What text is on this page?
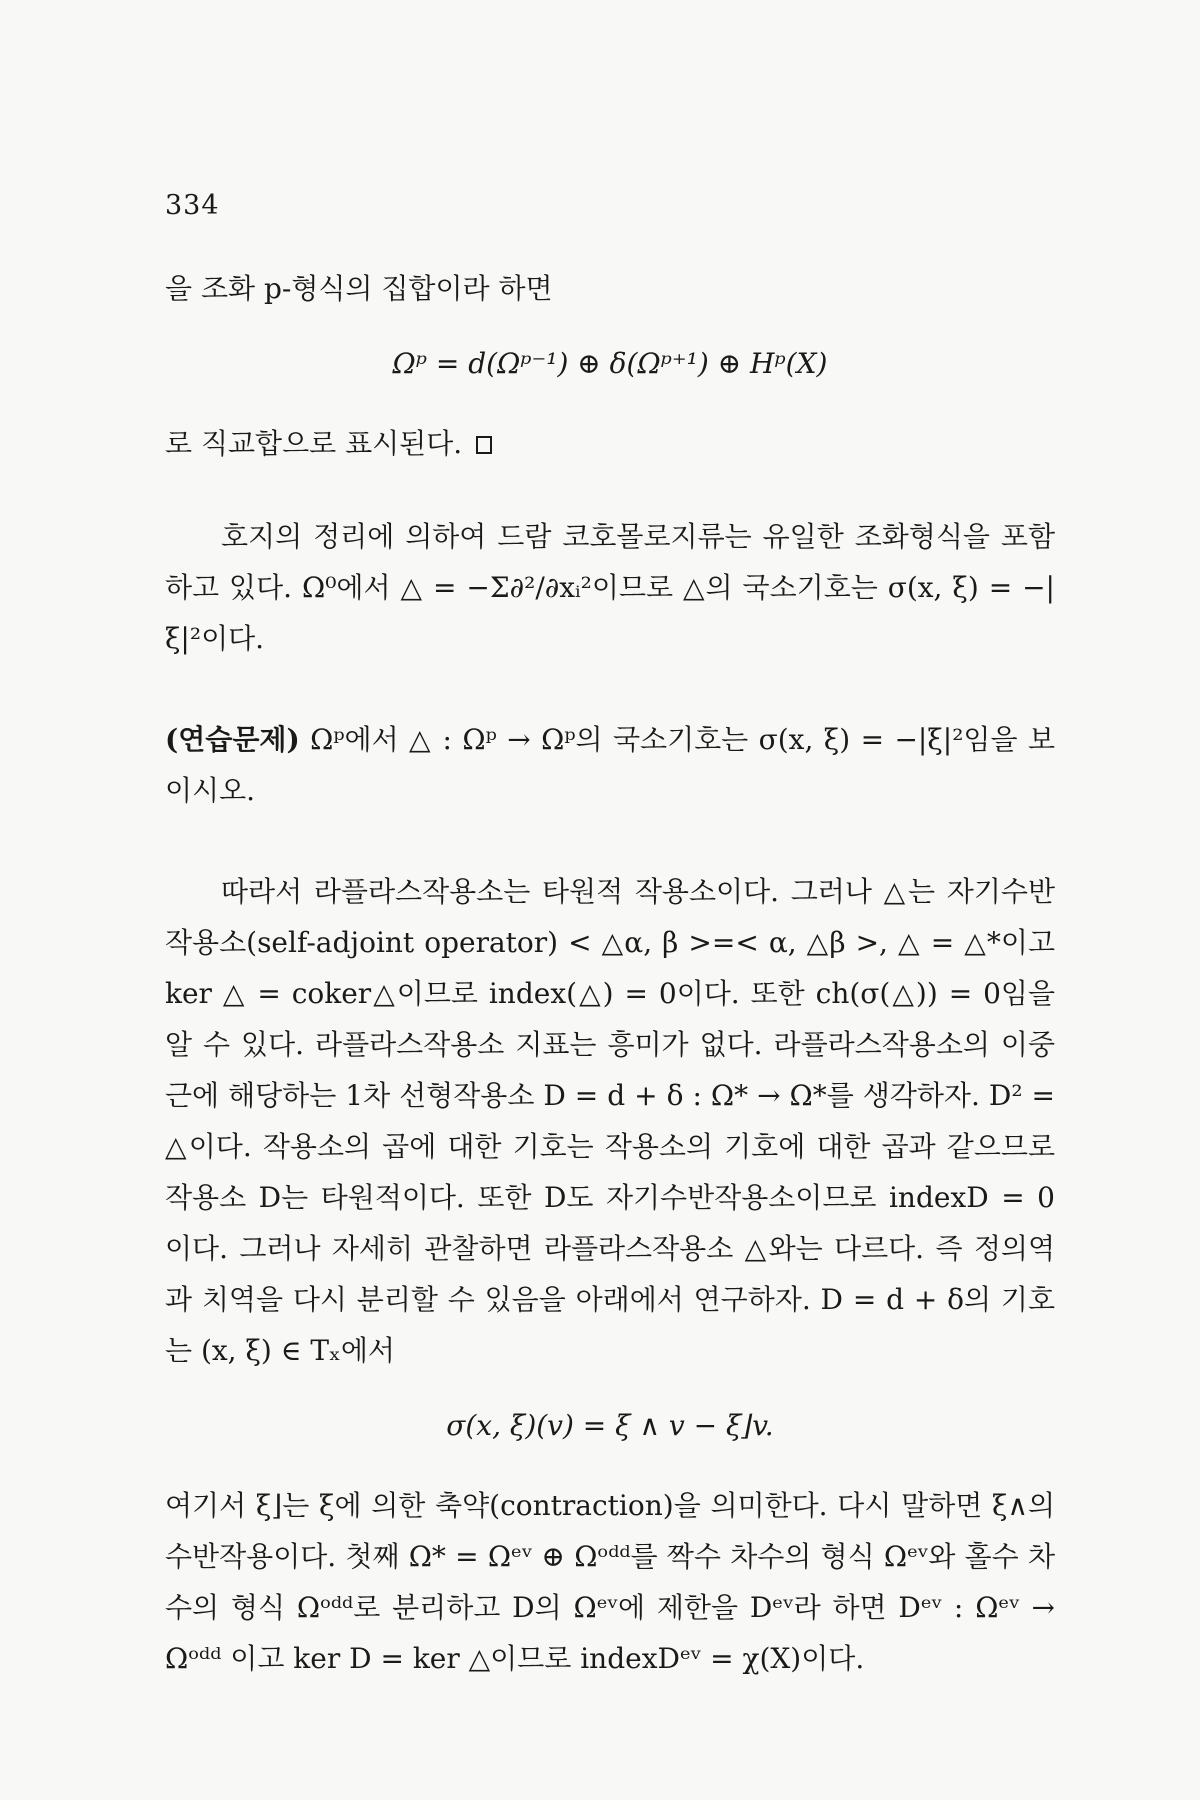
334

을 조화 p-형식의 집합이라 하면

Ωᵖ = d(Ωᵖ⁻¹) ⊕ δ(Ωᵖ⁺¹) ⊕ Hᵖ(X)

로 직교합으로 표시된다.

호지의 정리에 의하여 드람 코호몰로지류는 유일한 조화형식을 포함하고 있다. Ω⁰에서 △ = −Σ∂²/∂xᵢ²이므로 △의 국소기호는 σ(x, ξ) = −|ξ|²이다.

(연습문제) Ωᵖ에서 △ : Ωᵖ → Ωᵖ의 국소기호는 σ(x, ξ) = −|ξ|²임을 보이시오.

따라서 라플라스작용소는 타원적 작용소이다. 그러나 △는 자기수반작용소(self-adjoint operator) < △α, β >=< α, △β >, △ = △*이고 ker △ = coker△이므로 index(△) = 0이다. 또한 ch(σ(△)) = 0임을 알 수 있다. 라플라스작용소 지표는 흥미가 없다. 라플라스작용소의 이중근에 해당하는 1차 선형작용소 D = d + δ : Ω* → Ω*를 생각하자. D² = △이다. 작용소의 곱에 대한 기호는 작용소의 기호에 대한 곱과 같으므로 작용소 D는 타원적이다. 또한 D도 자기수반작용소이므로 indexD = 0 이다. 그러나 자세히 관찰하면 라플라스작용소 △와는 다르다. 즉 정의역과 치역을 다시 분리할 수 있음을 아래에서 연구하자. D = d + δ의 기호는 (x, ξ) ∈ Tₓ에서

σ(x, ξ)(v) = ξ ∧ v − ξ⌋v.

여기서 ξ⌋는 ξ에 의한 축약(contraction)을 의미한다. 다시 말하면 ξ∧의 수반작용이다. 첫째 Ω* = Ωᵉᵛ ⊕ Ωᵒᵈᵈ를 짝수 차수의 형식 Ωᵉᵛ와 홀수 차수의 형식 Ωᵒᵈᵈ로 분리하고 D의 Ωᵉᵛ에 제한을 Dᵉᵛ라 하면 Dᵉᵛ : Ωᵉᵛ → Ωᵒᵈᵈ 이고 ker D = ker △이므로 indexDᵉᵛ = χ(X)이다.
